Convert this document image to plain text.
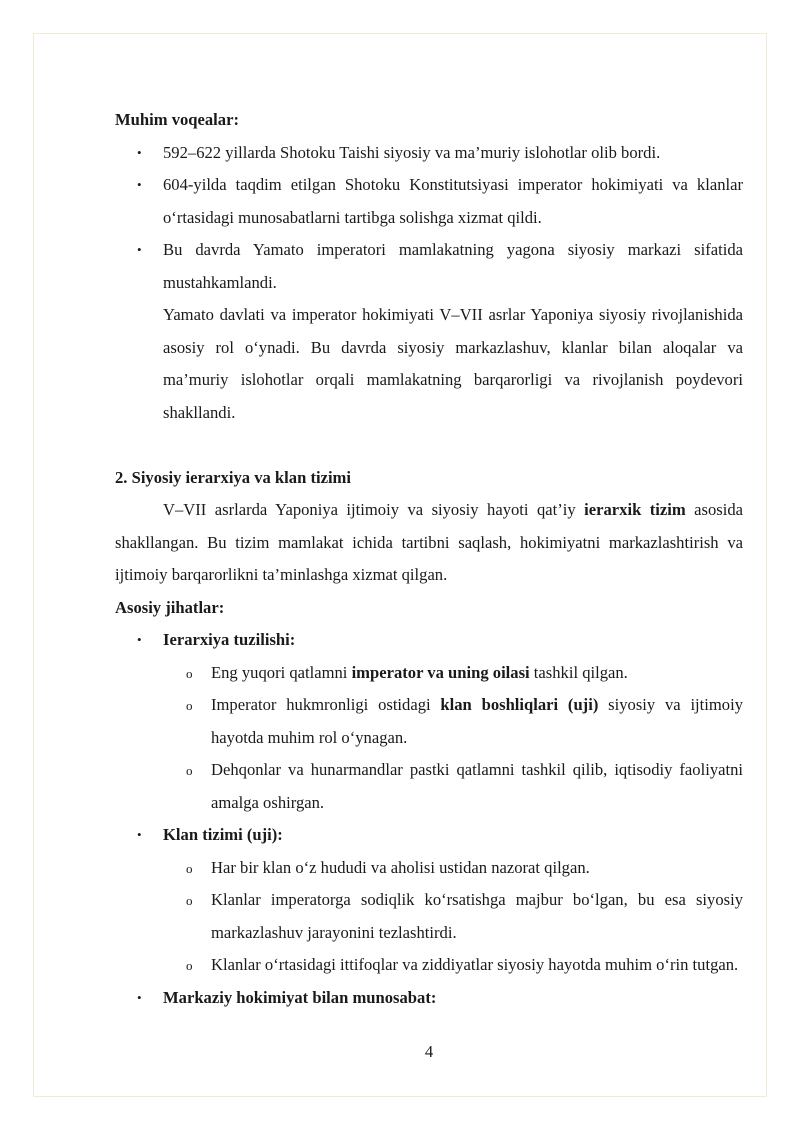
Muhim voqealar:

• 592–622 yillarda Shotoku Taishi siyosiy va ma’muriy islohotlar olib bordi.
• 604-yilda taqdim etilgan Shotoku Konstitutsiyasi imperator hokimiyati va klanlar o‘rtasidagi munosabatlarni tartibga solishga xizmat qildi.
• Bu davrda Yamato imperatori mamlakatning yagona siyosiy markazi sifatida mustahkamlandi.

Yamato davlati va imperator hokimiyati V–VII asrlar Yaponiya siyosiy rivojlanishida asosiy rol o‘ynadi. Bu davrda siyosiy markazlashuv, klanlar bilan aloqalar va ma’muriy islohotlar orqali mamlakatning barqarorligi va rivojlanish poydevori shakllandi.

2. Siyosiy ierarxiya va klan tizimi

V–VII asrlarda Yaponiya ijtimoiy va siyosiy hayoti qat’iy ierarxik tizim asosida shakllangan. Bu tizim mamlakat ichida tartibni saqlash, hokimiyatni markazlashtirish va ijtimoiy barqarorlikni ta’minlashga xizmat qilgan.

Asosiy jihatlar:

• Ierarxiya tuzilishi:
o Eng yuqori qatlamni imperator va uning oilasi tashkil qilgan.
o Imperator hukmronligi ostidagi klan boshliqlari (uji) siyosiy va ijtimoiy hayotda muhim rol o‘ynagan.
o Dehqonlar va hunarmandlar pastki qatlamni tashkil qilib, iqtisodiy faoliyatni amalga oshirgan.
• Klan tizimi (uji):
o Har bir klan o‘z hududi va aholisi ustidan nazorat qilgan.
o Klanlar imperatorga sodiqlik ko‘rsatishga majbur bo‘lgan, bu esa siyosiy markazlashuv jarayonini tezlashtirdi.
o Klanlar o‘rtasidagi ittifoqlar va ziddiyatlar siyosiy hayotda muhim o‘rin tutgan.
• Markaziy hokimiyat bilan munosabat:
4
